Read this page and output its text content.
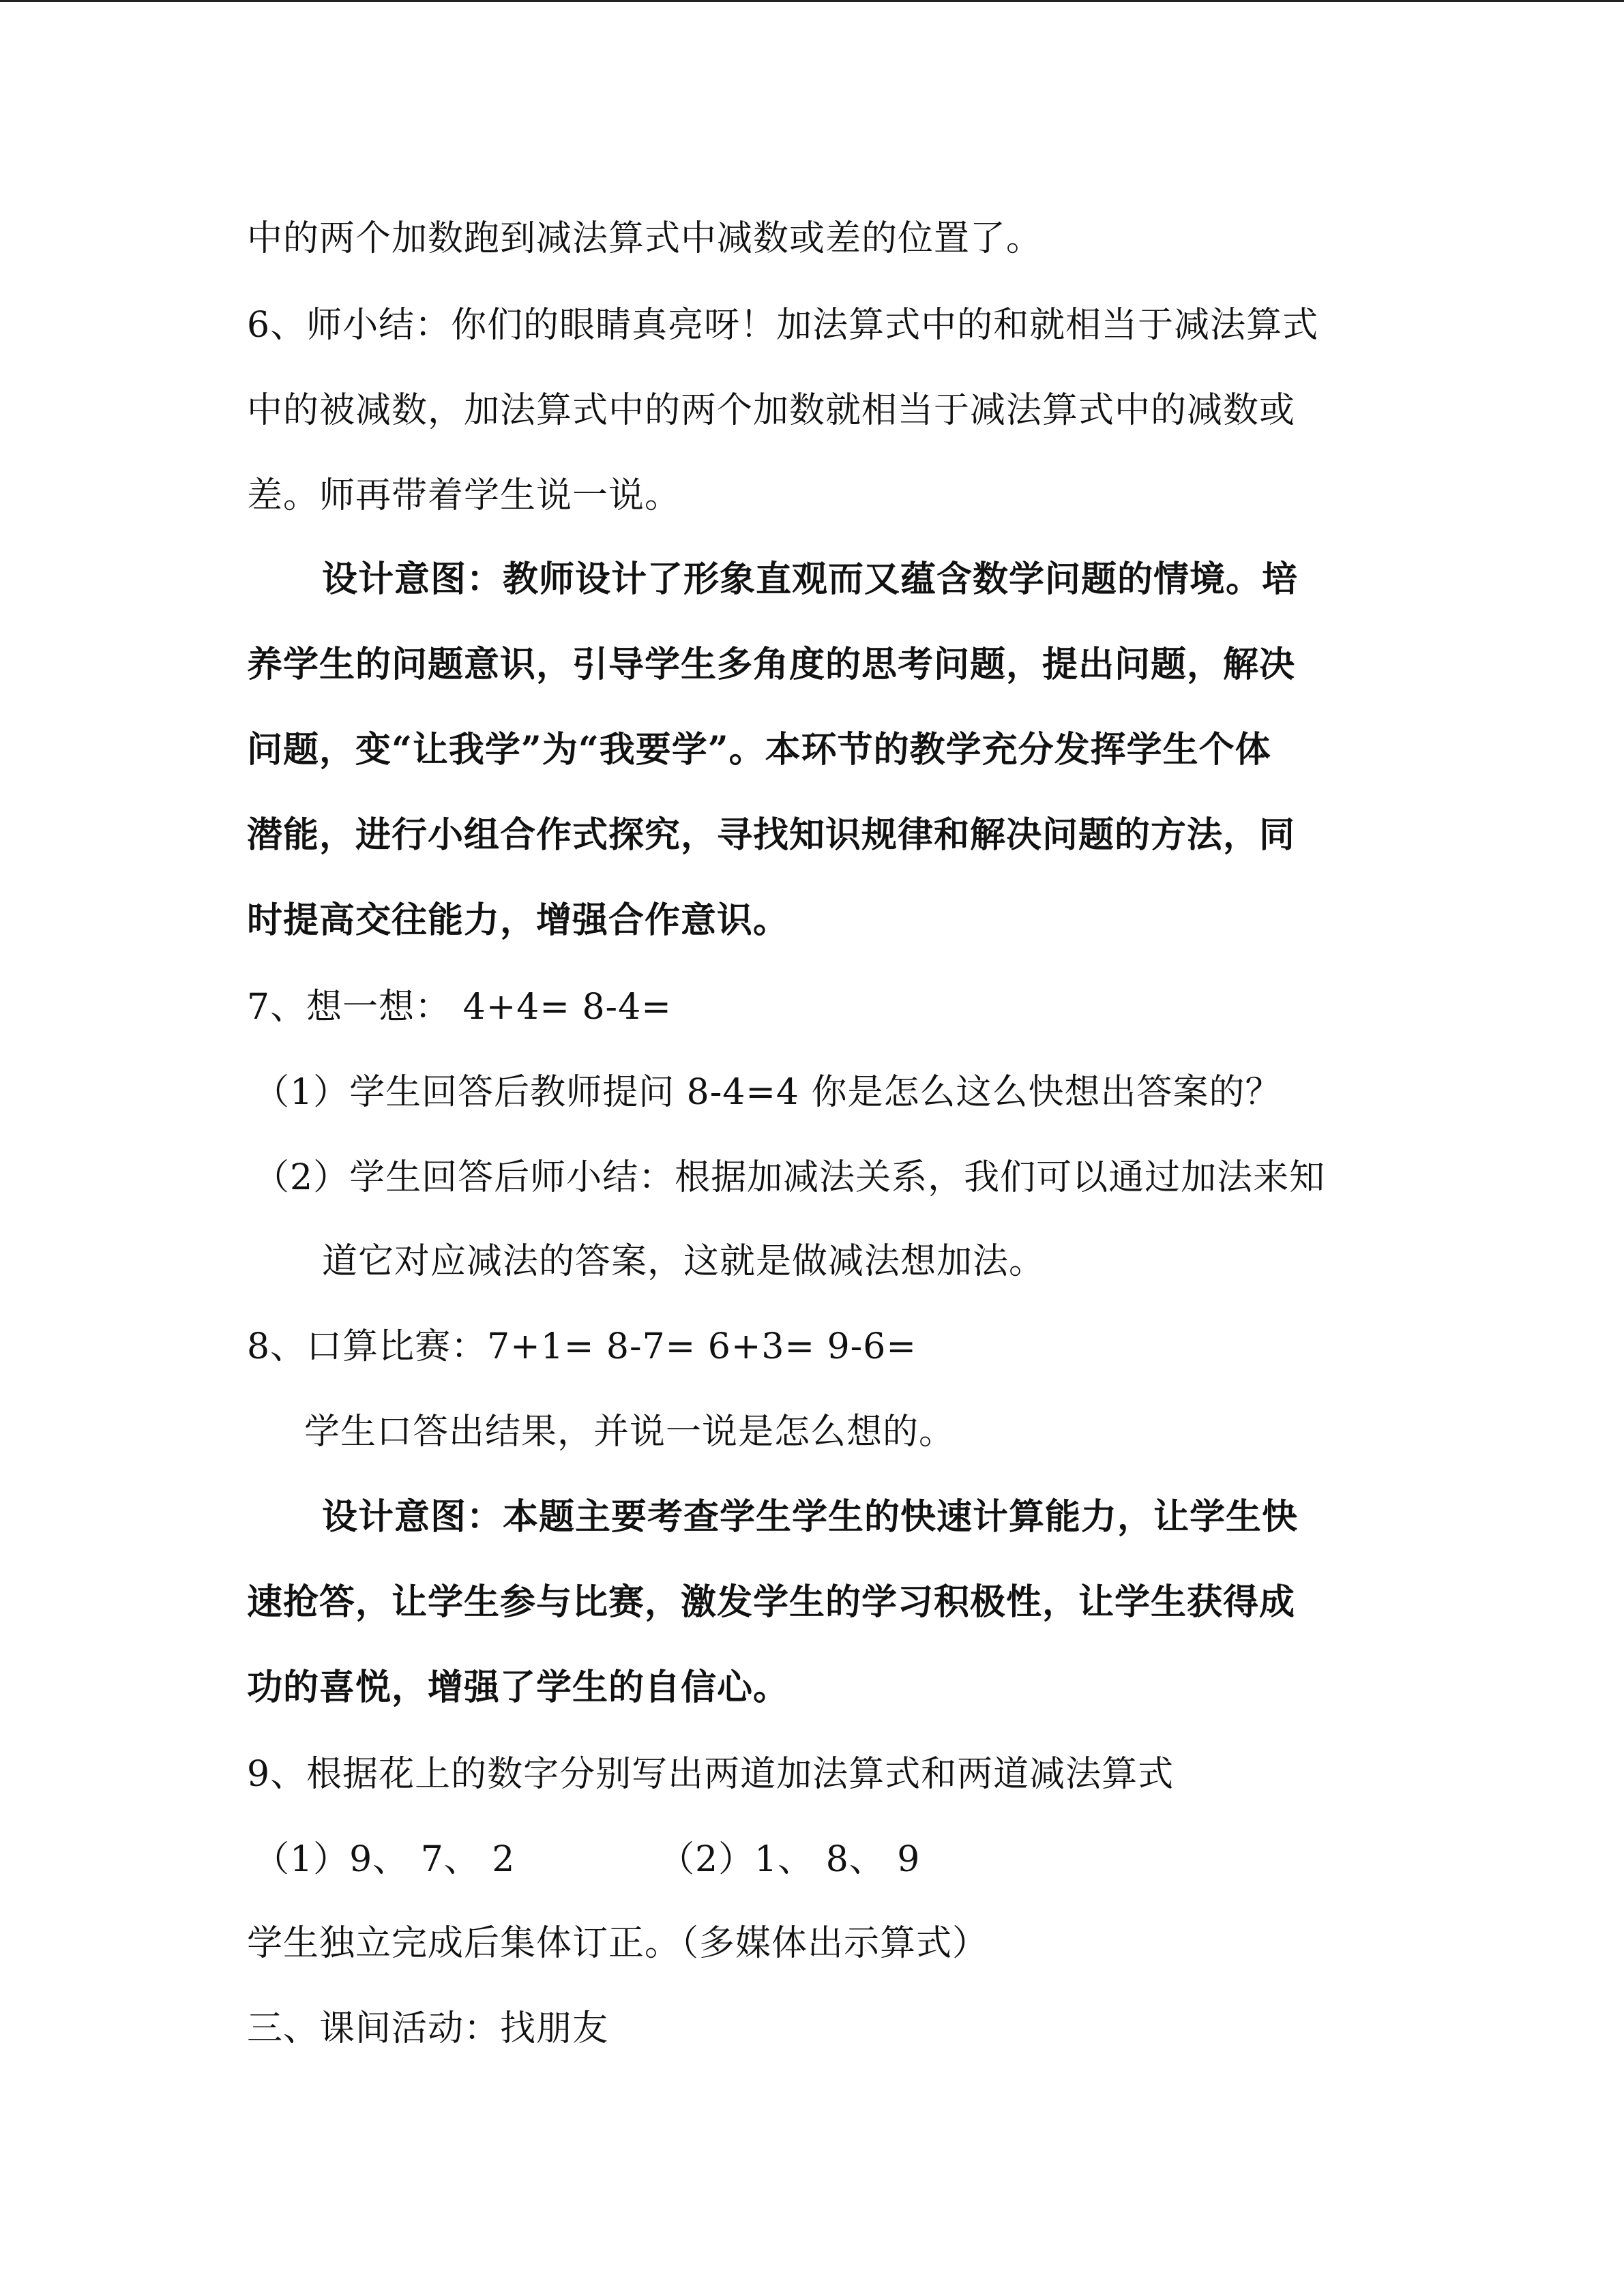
中的两个加数跑到减法算式中减数或差的位置了。
6、师小结：你们的眼睛真亮呀！加法算式中的和就相当于减法算式
中的被减数，加法算式中的两个加数就相当于减法算式中的减数或
差。师再带着学生说一说。
设计意图：教师设计了形象直观而又蕴含数学问题的情境。培
养学生的问题意识，引导学生多角度的思考问题，提出问题，解决
问题，变“让我学”为“我要学”。本环节的教学充分发挥学生个体
潜能，进行小组合作式探究，寻找知识规律和解决问题的方法，同
时提高交往能力，增强合作意识。
7、想一想： 4+4= 8-4=
（1）学生回答后教师提问 8-4=4 你是怎么这么快想出答案的？
（2）学生回答后师小结：根据加减法关系，我们可以通过加法来知
道它对应减法的答案，这就是做减法想加法。
8、口算比赛：7+1= 8-7= 6+3= 9-6=
学生口答出结果，并说一说是怎么想的。
设计意图：本题主要考查学生学生的快速计算能力，让学生快
速抢答，让学生参与比赛，激发学生的学习积极性，让学生获得成
功的喜悦，增强了学生的自信心。
9、根据花上的数字分别写出两道加法算式和两道减法算式
（1）9、 7、 2	（2）1、 8、 9
学生独立完成后集体订正。（多媒体出示算式）
三、课间活动：找朋友
